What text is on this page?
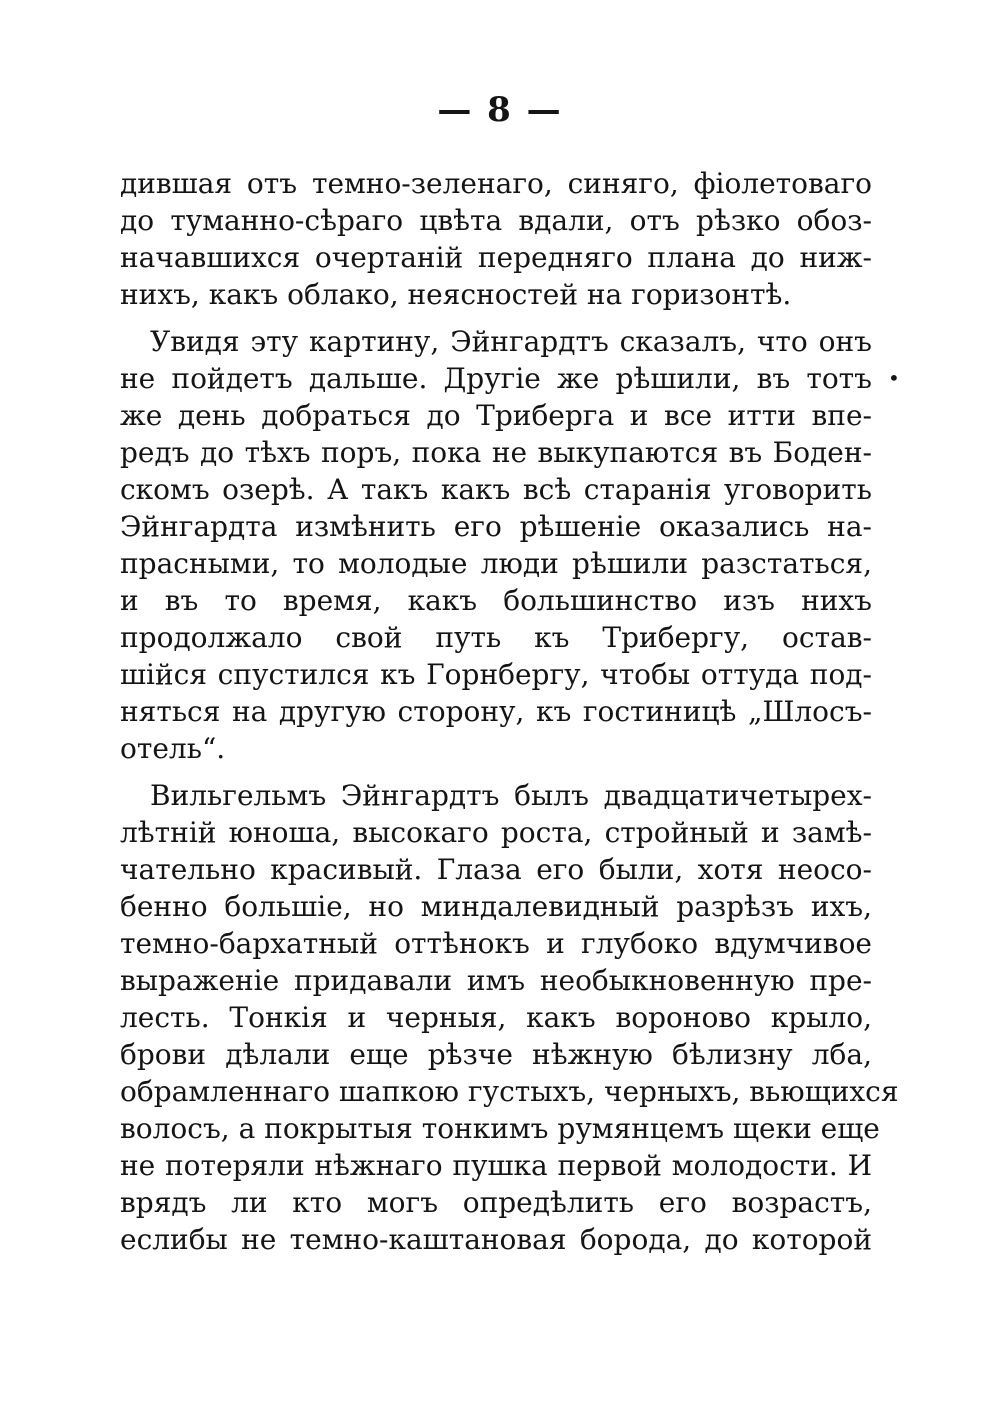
— 8 —
•
дившая отъ темно-зеленаго, синяго, фіолетоваго
до туманно-сѣраго цвѣта вдали, отъ рѣзко обоз-
начавшихся очертаній передняго плана до ниж-
нихъ, какъ облако, неясностей на горизонтѣ.
Увидя эту картину, Эйнгардтъ сказалъ, что онъ
не пойдетъ дальше. Другіе же рѣшили, въ тотъ
же день добраться до Триберга и все итти впе-
редъ до тѣхъ поръ, пока не выкупаются въ Боден-
скомъ озерѣ. А такъ какъ всѣ старанія уговорить
Эйнгардта измѣнить его рѣшеніе оказались на-
прасными, то молодые люди рѣшили разстаться,
и въ то время, какъ большинство изъ нихъ
продолжало свой путь къ Трибергу, остав-
шійся спустился къ Горнбергу, чтобы оттуда под-
няться на другую сторону, къ гостиницѣ „Шлосъ-
отель“.
Вильгельмъ Эйнгардтъ былъ двадцатичетырех-
лѣтній юноша, высокаго роста, стройный и замѣ-
чательно красивый. Глаза его были, хотя неосо-
бенно большіе, но миндалевидный разрѣзъ ихъ,
темно-бархатный оттѣнокъ и глубоко вдумчивое
выраженіе придавали имъ необыкновенную пре-
лесть. Тонкія и черныя, какъ вороново крыло,
брови дѣлали еще рѣзче нѣжную бѣлизну лба,
обрамленнаго шапкою густыхъ, черныхъ, вьющихся
волосъ, а покрытыя тонкимъ румянцемъ щеки еще
не потеряли нѣжнаго пушка первой молодости. И
врядъ ли кто могъ опредѣлить его возрастъ,
еслибы не темно-каштановая борода, до которой
